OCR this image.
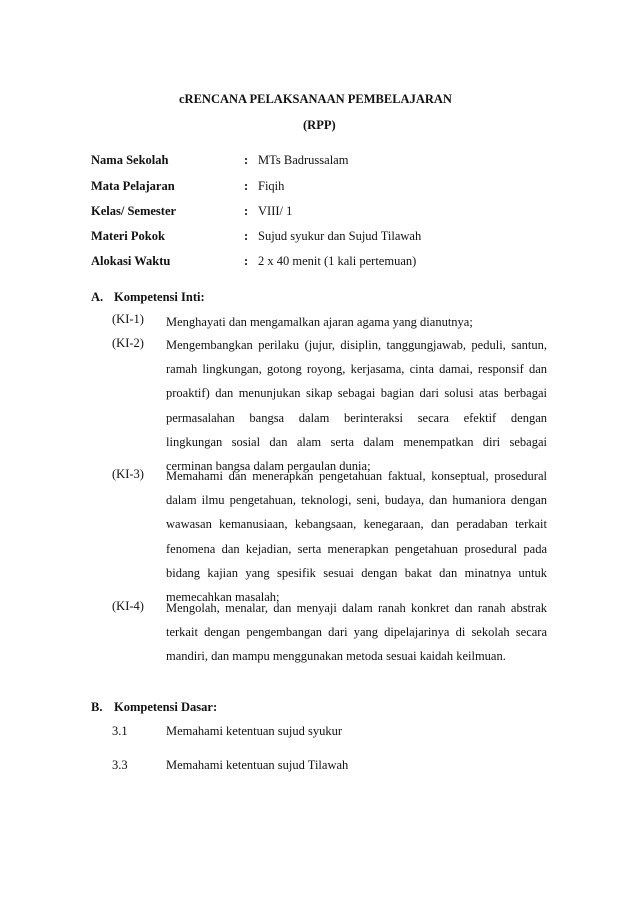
cRENCANA PELAKSANAAN PEMBELAJARAN
(RPP)
Nama Sekolah	: MTs Badrussalam
Mata Pelajaran	: Fiqih
Kelas/ Semester	: VIII/ 1
Materi Pokok	: Sujud syukur dan Sujud Tilawah
Alokasi Waktu	: 2 x 40 menit (1 kali pertemuan)
A. Kompetensi Inti:
(KI-1) Menghayati dan mengamalkan ajaran agama yang dianutnya;
(KI-2) Mengembangkan perilaku (jujur, disiplin, tanggungjawab, peduli, santun,
ramah lingkungan, gotong royong, kerjasama, cinta damai, responsif dan
proaktif) dan menunjukan sikap sebagai bagian dari solusi atas berbagai
permasalahan bangsa dalam berinteraksi secara efektif dengan
lingkungan sosial dan alam serta dalam menempatkan diri sebagai
cerminan bangsa dalam pergaulan dunia;
(KI-3) Memahami dan menerapkan pengetahuan faktual, konseptual, prosedural
dalam ilmu pengetahuan, teknologi, seni, budaya, dan humaniora dengan
wawasan kemanusiaan, kebangsaan, kenegaraan, dan peradaban terkait
fenomena dan kejadian, serta menerapkan pengetahuan prosedural pada
bidang kajian yang spesifik sesuai dengan bakat dan minatnya untuk
memecahkan masalah;
(KI-4) Mengolah, menalar, dan menyaji dalam ranah konkret dan ranah abstrak
terkait dengan pengembangan dari yang dipelajarinya di sekolah secara
mandiri, dan mampu menggunakan metoda sesuai kaidah keilmuan.
B. Kompetensi Dasar:
3.1	Memahami ketentuan sujud syukur
3.3	Memahami ketentuan sujud Tilawah
